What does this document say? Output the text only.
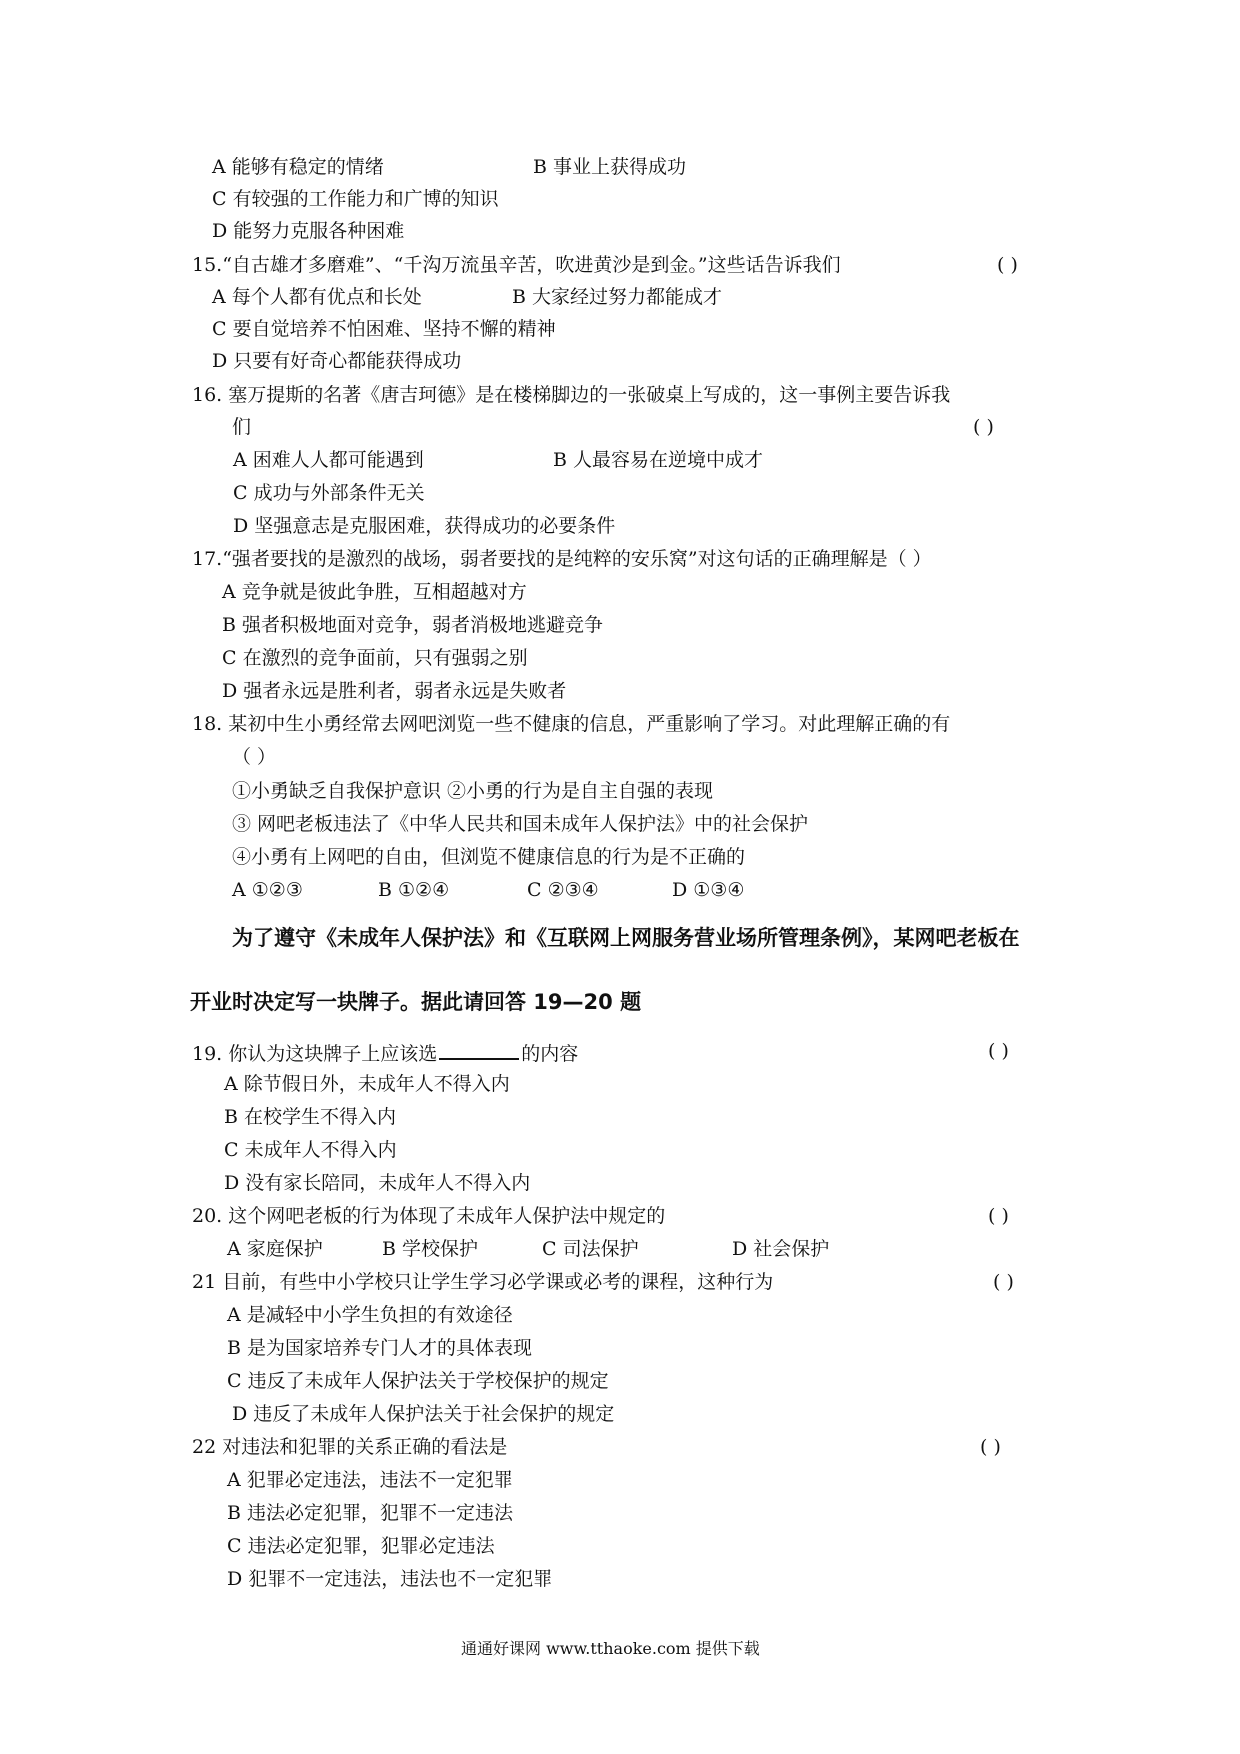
A 能够有稳定的情绪	B 事业上获得成功
C 有较强的工作能力和广博的知识
D 能努力克服各种困难
15.“自古雄才多磨难”、“千沟万流虽辛苦，吹进黄沙是到金。”这些话告诉我们	( )
A 每个人都有优点和长处	B 大家经过努力都能成才
C 要自觉培养不怕困难、坚持不懈的精神
D 只要有好奇心都能获得成功
16. 塞万提斯的名著《唐吉珂德》是在楼梯脚边的一张破桌上写成的，这一事例主要告诉我
们	( )
A 困难人人都可能遇到	B 人最容易在逆境中成才
C 成功与外部条件无关
D 坚强意志是克服困难，获得成功的必要条件
17.“强者要找的是激烈的战场，弱者要找的是纯粹的安乐窝”对这句话的正确理解是（ ）
A 竞争就是彼此争胜，互相超越对方
B 强者积极地面对竞争，弱者消极地逃避竞争
C 在激烈的竞争面前，只有强弱之别
D 强者永远是胜利者，弱者永远是失败者
18. 某初中生小勇经常去网吧浏览一些不健康的信息，严重影响了学习。对此理解正确的有
（ ）
①小勇缺乏自我保护意识 ②小勇的行为是自主自强的表现
③ 网吧老板违法了《中华人民共和国未成年人保护法》中的社会保护
④小勇有上网吧的自由，但浏览不健康信息的行为是不正确的
A ①②③	B ①②④	C ②③④	D ①③④
为了遵守《未成年人保护法》和《互联网上网服务营业场所管理条例》，某网吧老板在
开业时决定写一块牌子。据此请回答 19—20 题
19. 你认为这块牌子上应该选	的内容	( )
A 除节假日外，未成年人不得入内
B 在校学生不得入内
C 未成年人不得入内
D 没有家长陪同，未成年人不得入内
20. 这个网吧老板的行为体现了未成年人保护法中规定的	( )
A 家庭保护	B 学校保护	C 司法保护	D 社会保护
21 目前，有些中小学校只让学生学习必学课或必考的课程，这种行为	( )
A 是减轻中小学生负担的有效途径
B 是为国家培养专门人才的具体表现
C 违反了未成年人保护法关于学校保护的规定
D 违反了未成年人保护法关于社会保护的规定
22 对违法和犯罪的关系正确的看法是	( )
A 犯罪必定违法，违法不一定犯罪
B 违法必定犯罪，犯罪不一定违法
C 违法必定犯罪，犯罪必定违法
D 犯罪不一定违法，违法也不一定犯罪
通通好课网 www.tthaoke.com 提供下载
